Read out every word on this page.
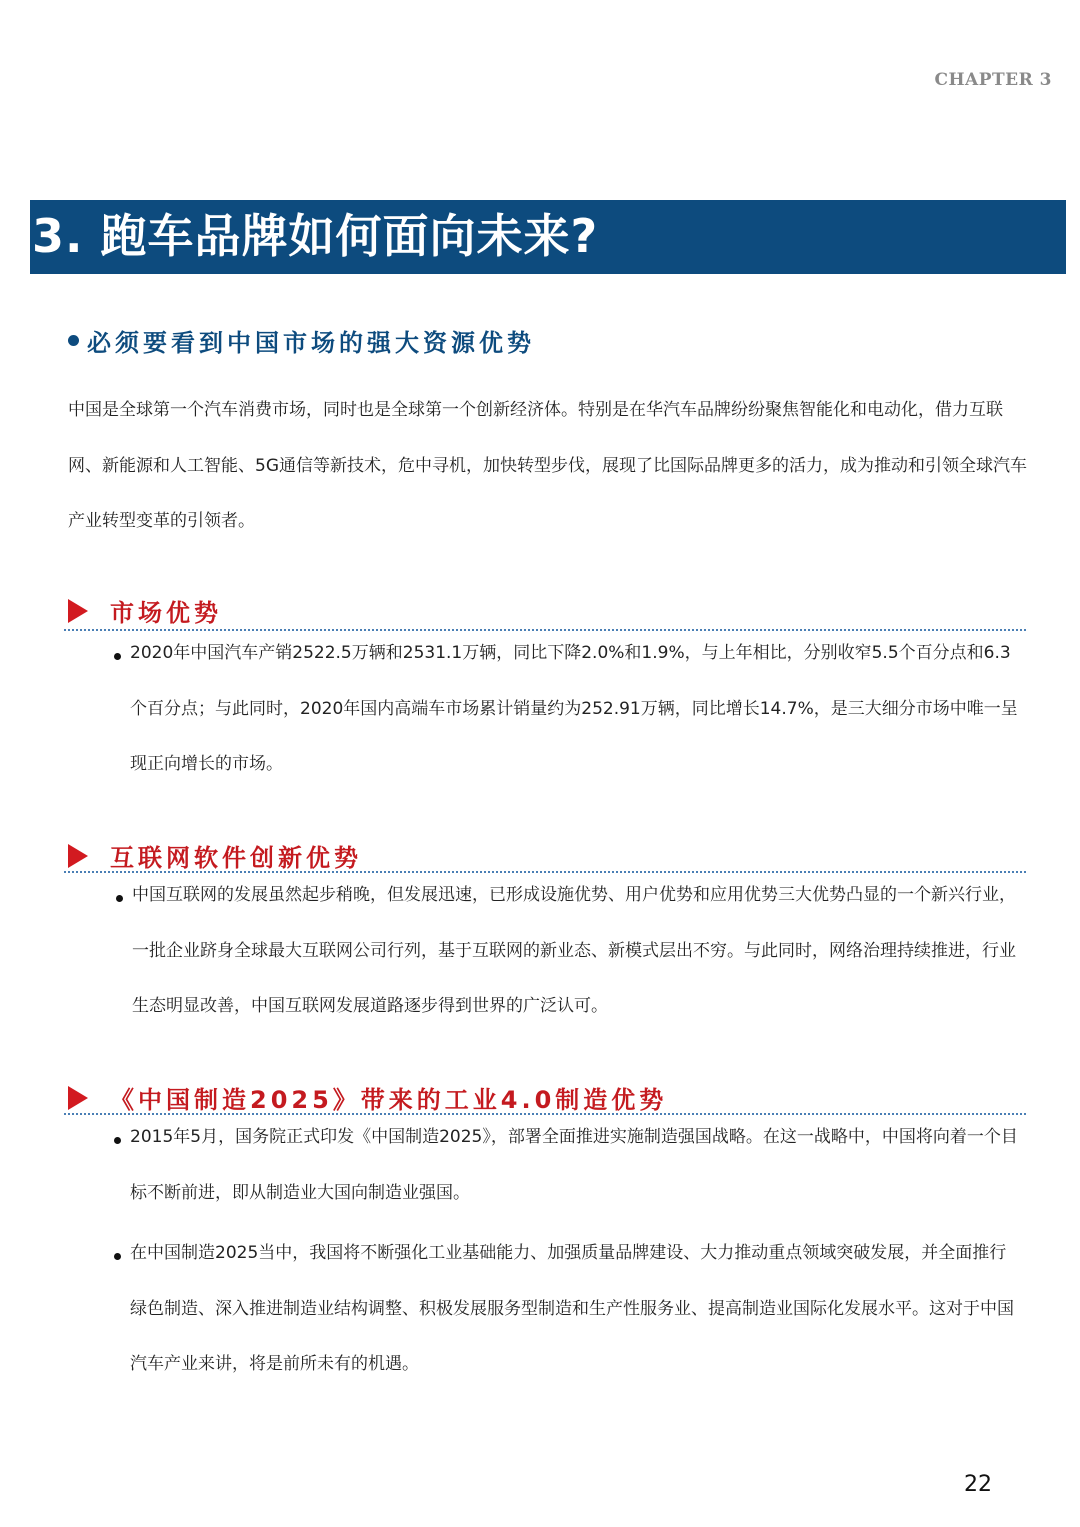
CHAPTER 3
3. 跑车品牌如何面向未来?
必须要看到中国市场的强大资源优势
中国是全球第一个汽车消费市场，同时也是全球第一个创新经济体。特别是在华汽车品牌纷纷聚焦智能化和电动化，借力互联网、新能源和人工智能、5G通信等新技术，危中寻机，加快转型步伐，展现了比国际品牌更多的活力，成为推动和引领全球汽车产业转型变革的引领者。
市场优势
2020年中国汽车产销2522.5万辆和2531.1万辆，同比下降2.0%和1.9%，与上年相比，分别收窄5.5个百分点和6.3个百分点；与此同时，2020年国内高端车市场累计销量约为252.91万辆，同比增长14.7%，是三大细分市场中唯一呈现正向增长的市场。
互联网软件创新优势
中国互联网的发展虽然起步稍晚，但发展迅速，已形成设施优势、用户优势和应用优势三大优势凸显的一个新兴行业，一批企业跻身全球最大互联网公司行列，基于互联网的新业态、新模式层出不穷。与此同时，网络治理持续推进，行业生态明显改善，中国互联网发展道路逐步得到世界的广泛认可。
《中国制造2025》带来的工业4.0制造优势
2015年5月，国务院正式印发《中国制造2025》，部署全面推进实施制造强国战略。在这一战略中，中国将向着一个目标不断前进，即从制造业大国向制造业强国。
在中国制造2025当中，我国将不断强化工业基础能力、加强质量品牌建设、大力推动重点领域突破发展，并全面推行绿色制造、深入推进制造业结构调整、积极发展服务型制造和生产性服务业、提高制造业国际化发展水平。这对于中国汽车产业来讲，将是前所未有的机遇。
22
